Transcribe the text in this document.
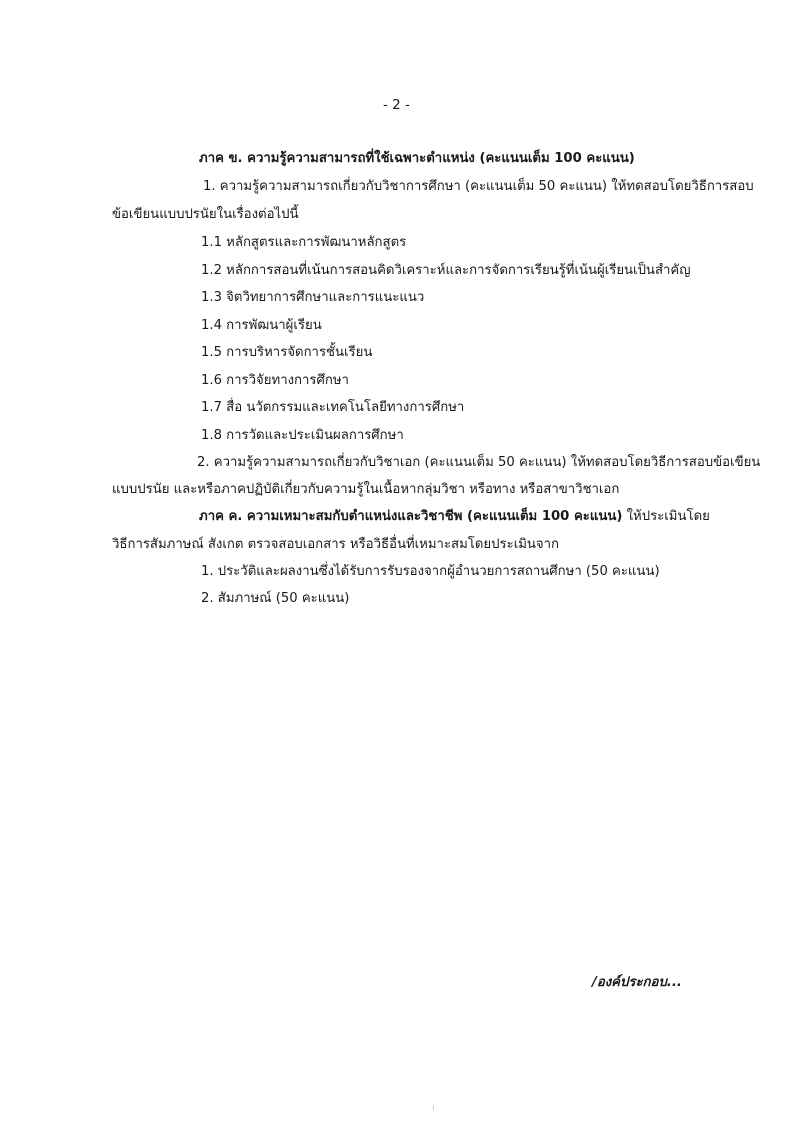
- 2 -
ภาค ข. ความรู้ความสามารถที่ใช้เฉพาะตำแหน่ง (คะแนนเต็ม 100 คะแนน)
1. ความรู้ความสามารถเกี่ยวกับวิชาการศึกษา (คะแนนเต็ม 50 คะแนน) ให้ทดสอบโดยวิธีการสอบ
ข้อเขียนแบบปรนัยในเรื่องต่อไปนี้
1.1 หลักสูตรและการพัฒนาหลักสูตร
1.2 หลักการสอนที่เน้นการสอนคิดวิเคราะห์และการจัดการเรียนรู้ที่เน้นผู้เรียนเป็นสำคัญ
1.3 จิตวิทยาการศึกษาและการแนะแนว
1.4 การพัฒนาผู้เรียน
1.5 การบริหารจัดการชั้นเรียน
1.6 การวิจัยทางการศึกษา
1.7 สื่อ นวัตกรรมและเทคโนโลยีทางการศึกษา
1.8 การวัดและประเมินผลการศึกษา
2. ความรู้ความสามารถเกี่ยวกับวิชาเอก (คะแนนเต็ม 50 คะแนน) ให้ทดสอบโดยวิธีการสอบข้อเขียน
แบบปรนัย และหรือภาคปฏิบัติเกี่ยวกับความรู้ในเนื้อหากลุ่มวิชา หรือทาง หรือสาขาวิชาเอก
ภาค ค. ความเหมาะสมกับตำแหน่งและวิชาชีพ (คะแนนเต็ม 100 คะแนน) ให้ประเมินโดย
วิธีการสัมภาษณ์ สังเกต ตรวจสอบเอกสาร หรือวิธีอื่นที่เหมาะสมโดยประเมินจาก
1. ประวัติและผลงานซึ่งได้รับการรับรองจากผู้อำนวยการสถานศึกษา (50 คะแนน)
2. สัมภาษณ์ (50 คะแนน)
/องค์ประกอบ...
